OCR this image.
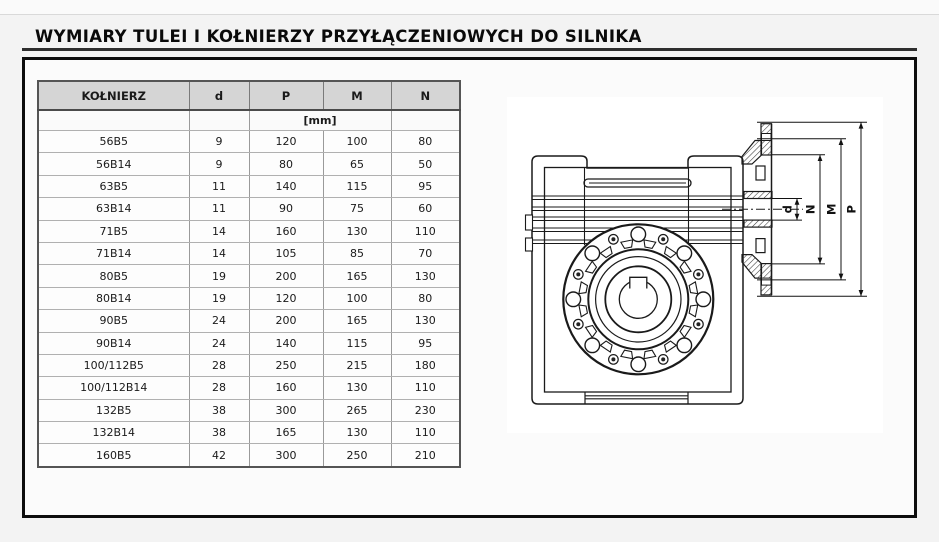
WYMIARY TULEI I KOŁNIERZY PRZYŁĄCZENIOWYCH DO SILNIKA
KOŁNIERZ	d	P	M	N
		[mm]		
56B5	9	120	100	80
56B14	9	80	65	50
63B5	11	140	115	95
63B14	11	90	75	60
71B5	14	160	130	110
71B14	14	105	85	70
80B5	19	200	165	130
80B14	19	120	100	80
90B5	24	200	165	130
90B14	24	140	115	95
100/112B5	28	250	215	180
100/112B14	28	160	130	110
132B5	38	300	265	230
132B14	38	165	130	110
160B5	42	300	250	210
d N M P
